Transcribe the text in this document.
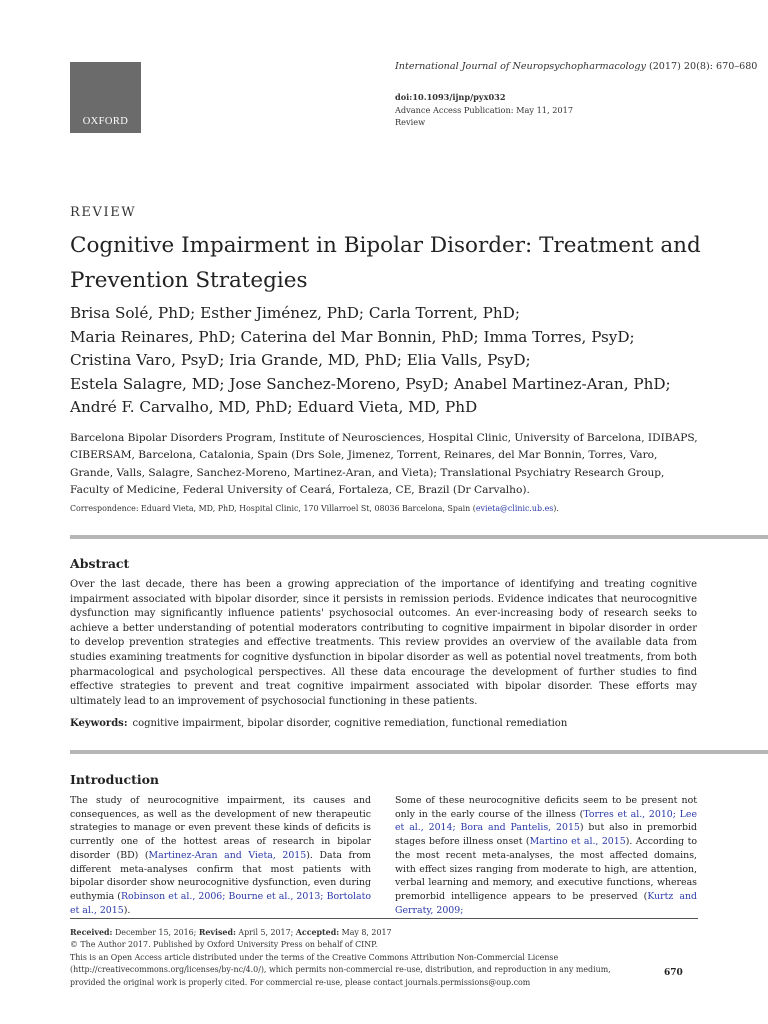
OXFORD
International Journal of Neuropsychopharmacology (2017) 20(8): 670–680
doi:10.1093/ijnp/pyx032
Advance Access Publication: May 11, 2017
Review
REVIEW
Cognitive Impairment in Bipolar Disorder: Treatment and Prevention Strategies
Brisa Solé, PhD; Esther Jiménez, PhD; Carla Torrent, PhD;
Maria Reinares, PhD; Caterina del Mar Bonnin, PhD; Imma Torres, PsyD;
Cristina Varo, PsyD; Iria Grande, MD, PhD; Elia Valls, PsyD;
Estela Salagre, MD; Jose Sanchez-Moreno, PsyD; Anabel Martinez-Aran, PhD;
André F. Carvalho, MD, PhD; Eduard Vieta, MD, PhD
Barcelona Bipolar Disorders Program, Institute of Neurosciences, Hospital Clinic, University of Barcelona, IDIBAPS, CIBERSAM, Barcelona, Catalonia, Spain (Drs Sole, Jimenez, Torrent, Reinares, del Mar Bonnin, Torres, Varo, Grande, Valls, Salagre, Sanchez-Moreno, Martinez-Aran, and Vieta); Translational Psychiatry Research Group, Faculty of Medicine, Federal University of Ceará, Fortaleza, CE, Brazil (Dr Carvalho).
Correspondence: Eduard Vieta, MD, PhD, Hospital Clinic, 170 Villarroel St, 08036 Barcelona, Spain (evieta@clinic.ub.es).
Abstract

Over the last decade, there has been a growing appreciation of the importance of identifying and treating cognitive impairment associated with bipolar disorder, since it persists in remission periods. Evidence indicates that neurocognitive dysfunction may significantly influence patients' psychosocial outcomes. An ever-increasing body of research seeks to achieve a better understanding of potential moderators contributing to cognitive impairment in bipolar disorder in order to develop prevention strategies and effective treatments. This review provides an overview of the available data from studies examining treatments for cognitive dysfunction in bipolar disorder as well as potential novel treatments, from both pharmacological and psychological perspectives. All these data encourage the development of further studies to find effective strategies to prevent and treat cognitive impairment associated with bipolar disorder. These efforts may ultimately lead to an improvement of psychosocial functioning in these patients.

Keywords: cognitive impairment, bipolar disorder, cognitive remediation, functional remediation
Introduction

The study of neurocognitive impairment, its causes and consequences, as well as the development of new therapeutic strategies to manage or even prevent these kinds of deficits is currently one of the hottest areas of research in bipolar disorder (BD) (Martinez-Aran and Vieta, 2015). Data from different meta-analyses confirm that most patients with bipolar disorder show neurocognitive dysfunction, even during euthymia (Robinson et al., 2006; Bourne et al., 2013; Bortolato et al., 2015).

Some of these neurocognitive deficits seem to be present not only in the early course of the illness (Torres et al., 2010; Lee et al., 2014; Bora and Pantelis, 2015) but also in premorbid stages before illness onset (Martino et al., 2015). According to the most recent meta-analyses, the most affected domains, with effect sizes ranging from moderate to high, are attention, verbal learning and memory, and executive functions, whereas premorbid intelligence appears to be preserved (Kurtz and Gerraty, 2009;

Received: December 15, 2016; Revised: April 5, 2017; Accepted: May 8, 2017
© The Author 2017. Published by Oxford University Press on behalf of CINP.
This is an Open Access article distributed under the terms of the Creative Commons Attribution Non-Commercial License (http://creativecommons.org/licenses/by-nc/4.0/), which permits non-commercial re-use, distribution, and reproduction in any medium, provided the original work is properly cited. For commercial re-use, please contact journals.permissions@oup.com
670
